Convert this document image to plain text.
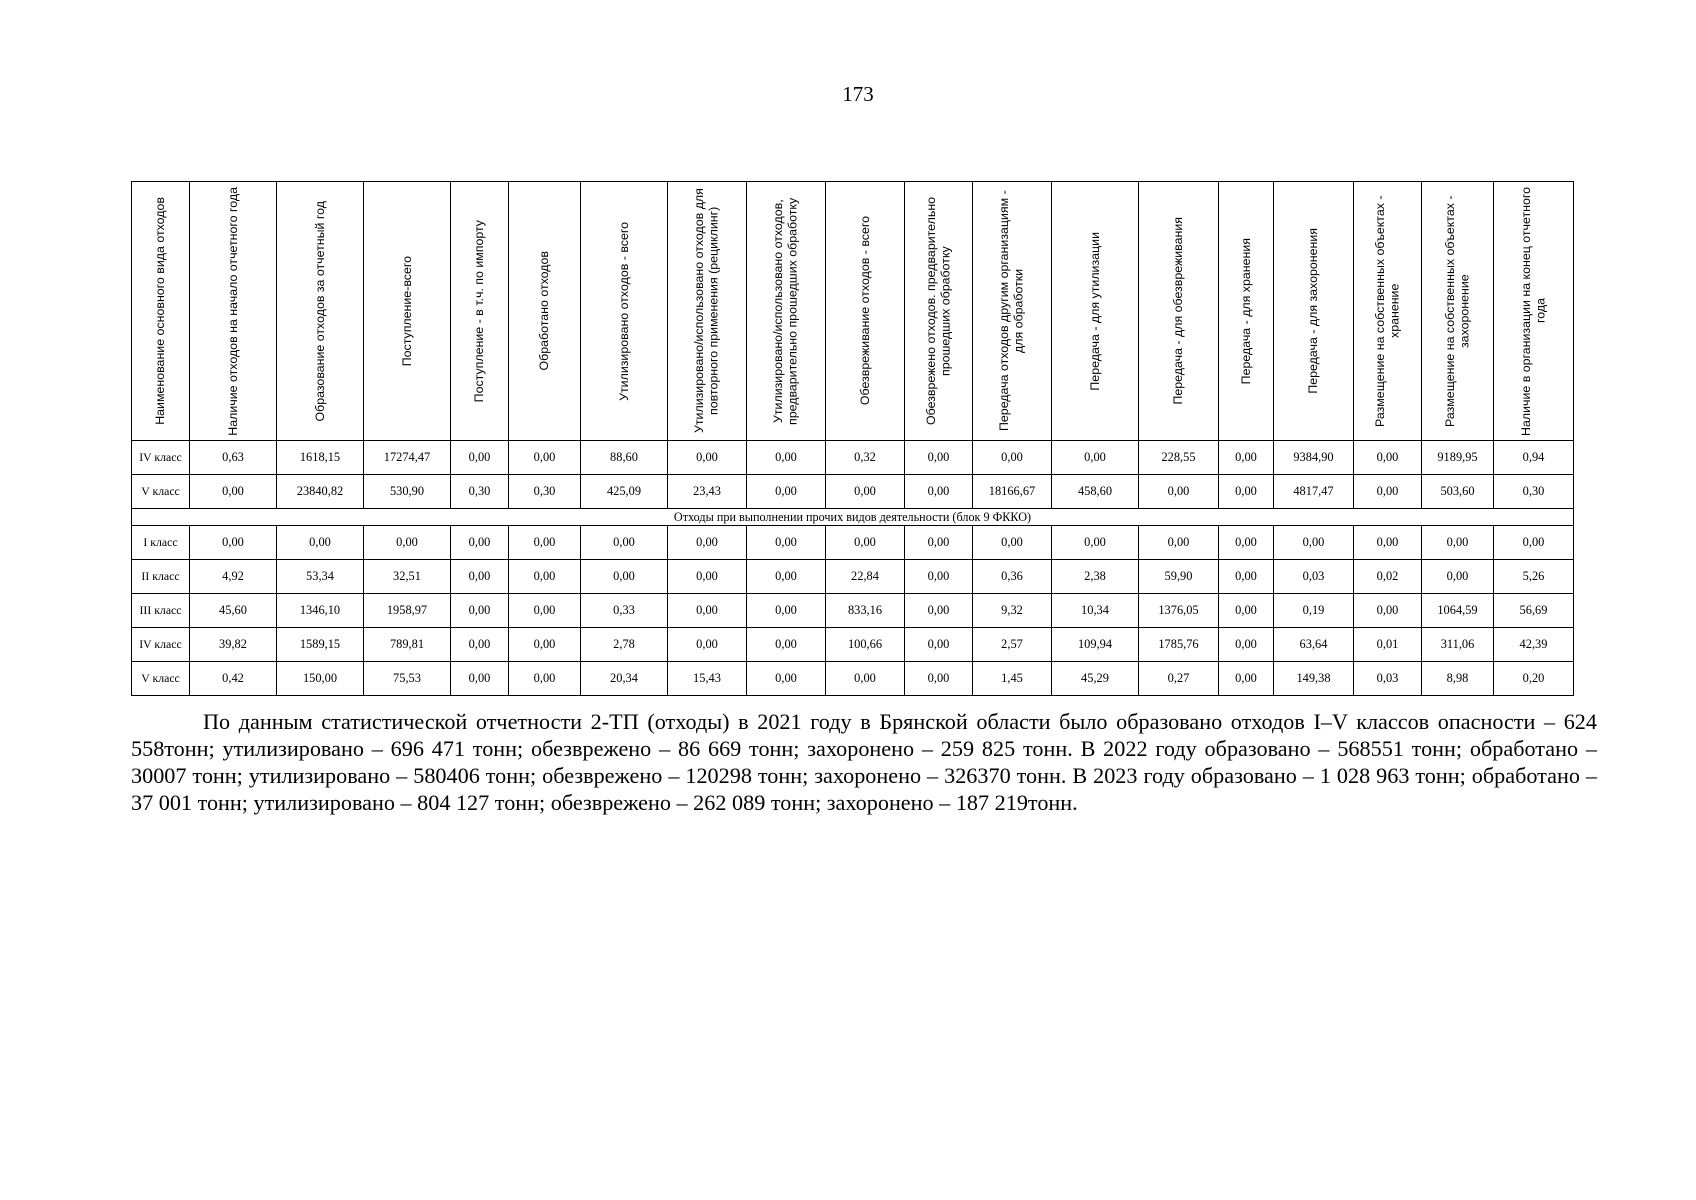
173
Наименование основного вида отходов	Наличие отходов на начало отчетного года	Образование отходов за отчетный год	Поступление-всего	Поступление - в т.ч. по импорту	Обработано отходов	Утилизировано отходов - всего	Утилизировано/использовано отходов для повторного применения (рециклинг)	Утилизировано/использовано отходов, предварительно прошедших обработку	Обезвреживание отходов - всего	Обезврежено отходов. предварительно прошедших обработку	Передача отходов другим организациям - для обработки	Передача - для утилизации	Передача - для обезвреживания	Передача - для хранения	Передача - для захоронения	Размещение на собственных объектах - хранение	Размещение на собственных объектах - захоронение	Наличие в организации на конец отчетного года

IV класс	0,63	1618,15	17274,47	0,00	0,00	88,60	0,00	0,00	0,32	0,00	0,00	0,00	228,55	0,00	9384,90	0,00	9189,95	0,94
V класс	0,00	23840,82	530,90	0,30	0,30	425,09	23,43	0,00	0,00	0,00	18166,67	458,60	0,00	0,00	4817,47	0,00	503,60	0,30
Отходы при выполнении прочих видов деятельности (блок 9 ФККО)																		
I класс	0,00	0,00	0,00	0,00	0,00	0,00	0,00	0,00	0,00	0,00	0,00	0,00	0,00	0,00	0,00	0,00	0,00	0,00
II класс	4,92	53,34	32,51	0,00	0,00	0,00	0,00	0,00	22,84	0,00	0,36	2,38	59,90	0,00	0,03	0,02	0,00	5,26
III класс	45,60	1346,10	1958,97	0,00	0,00	0,33	0,00	0,00	833,16	0,00	9,32	10,34	1376,05	0,00	0,19	0,00	1064,59	56,69
IV класс	39,82	1589,15	789,81	0,00	0,00	2,78	0,00	0,00	100,66	0,00	2,57	109,94	1785,76	0,00	63,64	0,01	311,06	42,39
V класс	0,42	150,00	75,53	0,00	0,00	20,34	15,43	0,00	0,00	0,00	1,45	45,29	0,27	0,00	149,38	0,03	8,98	0,20

По данным статистической отчетности 2-ТП (отходы) в 2021 году в Брянской области было образовано отходов I–V классов опасности – 624 558тонн; утилизировано – 696 471 тонн; обезврежено – 86 669 тонн; захоронено – 259 825 тонн. В 2022 году образовано – 568551 тонн; обработано – 30007 тонн; утилизировано – 580406 тонн; обезврежено – 120298 тонн; захоронено – 326370 тонн. В 2023 году образовано – 1 028 963 тонн; обработано – 37 001 тонн; утилизировано – 804 127 тонн; обезврежено – 262 089 тонн; захоронено – 187 219тонн.
